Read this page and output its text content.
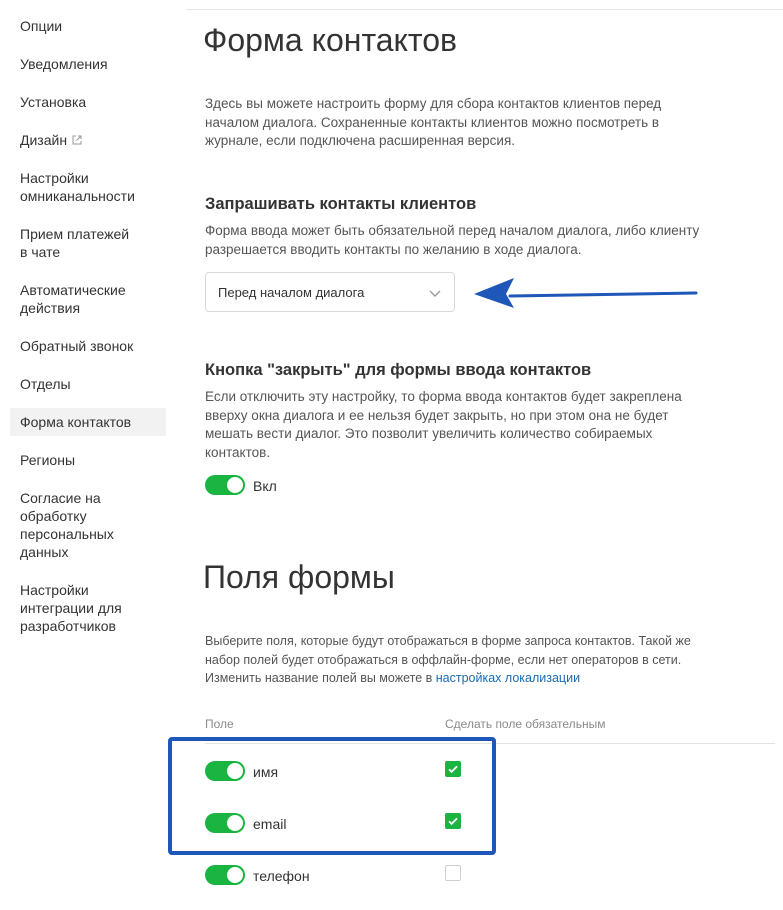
Опции
Уведомления
Установка
Дизайн
Настройки
омниканальности
Прием платежей
в чате
Автоматические
действия
Обратный звонок
Отделы
Форма контактов
Регионы
Согласие на
обработку
персональных
данных
Настройки
интеграции для
разработчиков
Форма контактов
Здесь вы можете настроить форму для сбора контактов клиентов перед
началом диалога. Сохраненные контакты клиентов можно посмотреть в
журнале, если подключена расширенная версия.
Запрашивать контакты клиентов
Форма ввода может быть обязательной перед началом диалога, либо клиенту
разрешается вводить контакты по желанию в ходе диалога.
Перед началом диалога
Кнопка "закрыть" для формы ввода контактов
Если отключить эту настройку, то форма ввода контактов будет закреплена
вверху окна диалога и ее нельзя будет закрыть, но при этом она не будет
мешать вести диалог. Это позволит увеличить количество собираемых
контактов.
Вкл
Поля формы
Выберите поля, которые будут отображаться в форме запроса контактов. Такой же
набор полей будет отображаться в оффлайн-форме, если нет операторов в сети.
Изменить название полей вы можете в настройках локализации
Поле	Сделать поле обязательным
имя
email
телефон
